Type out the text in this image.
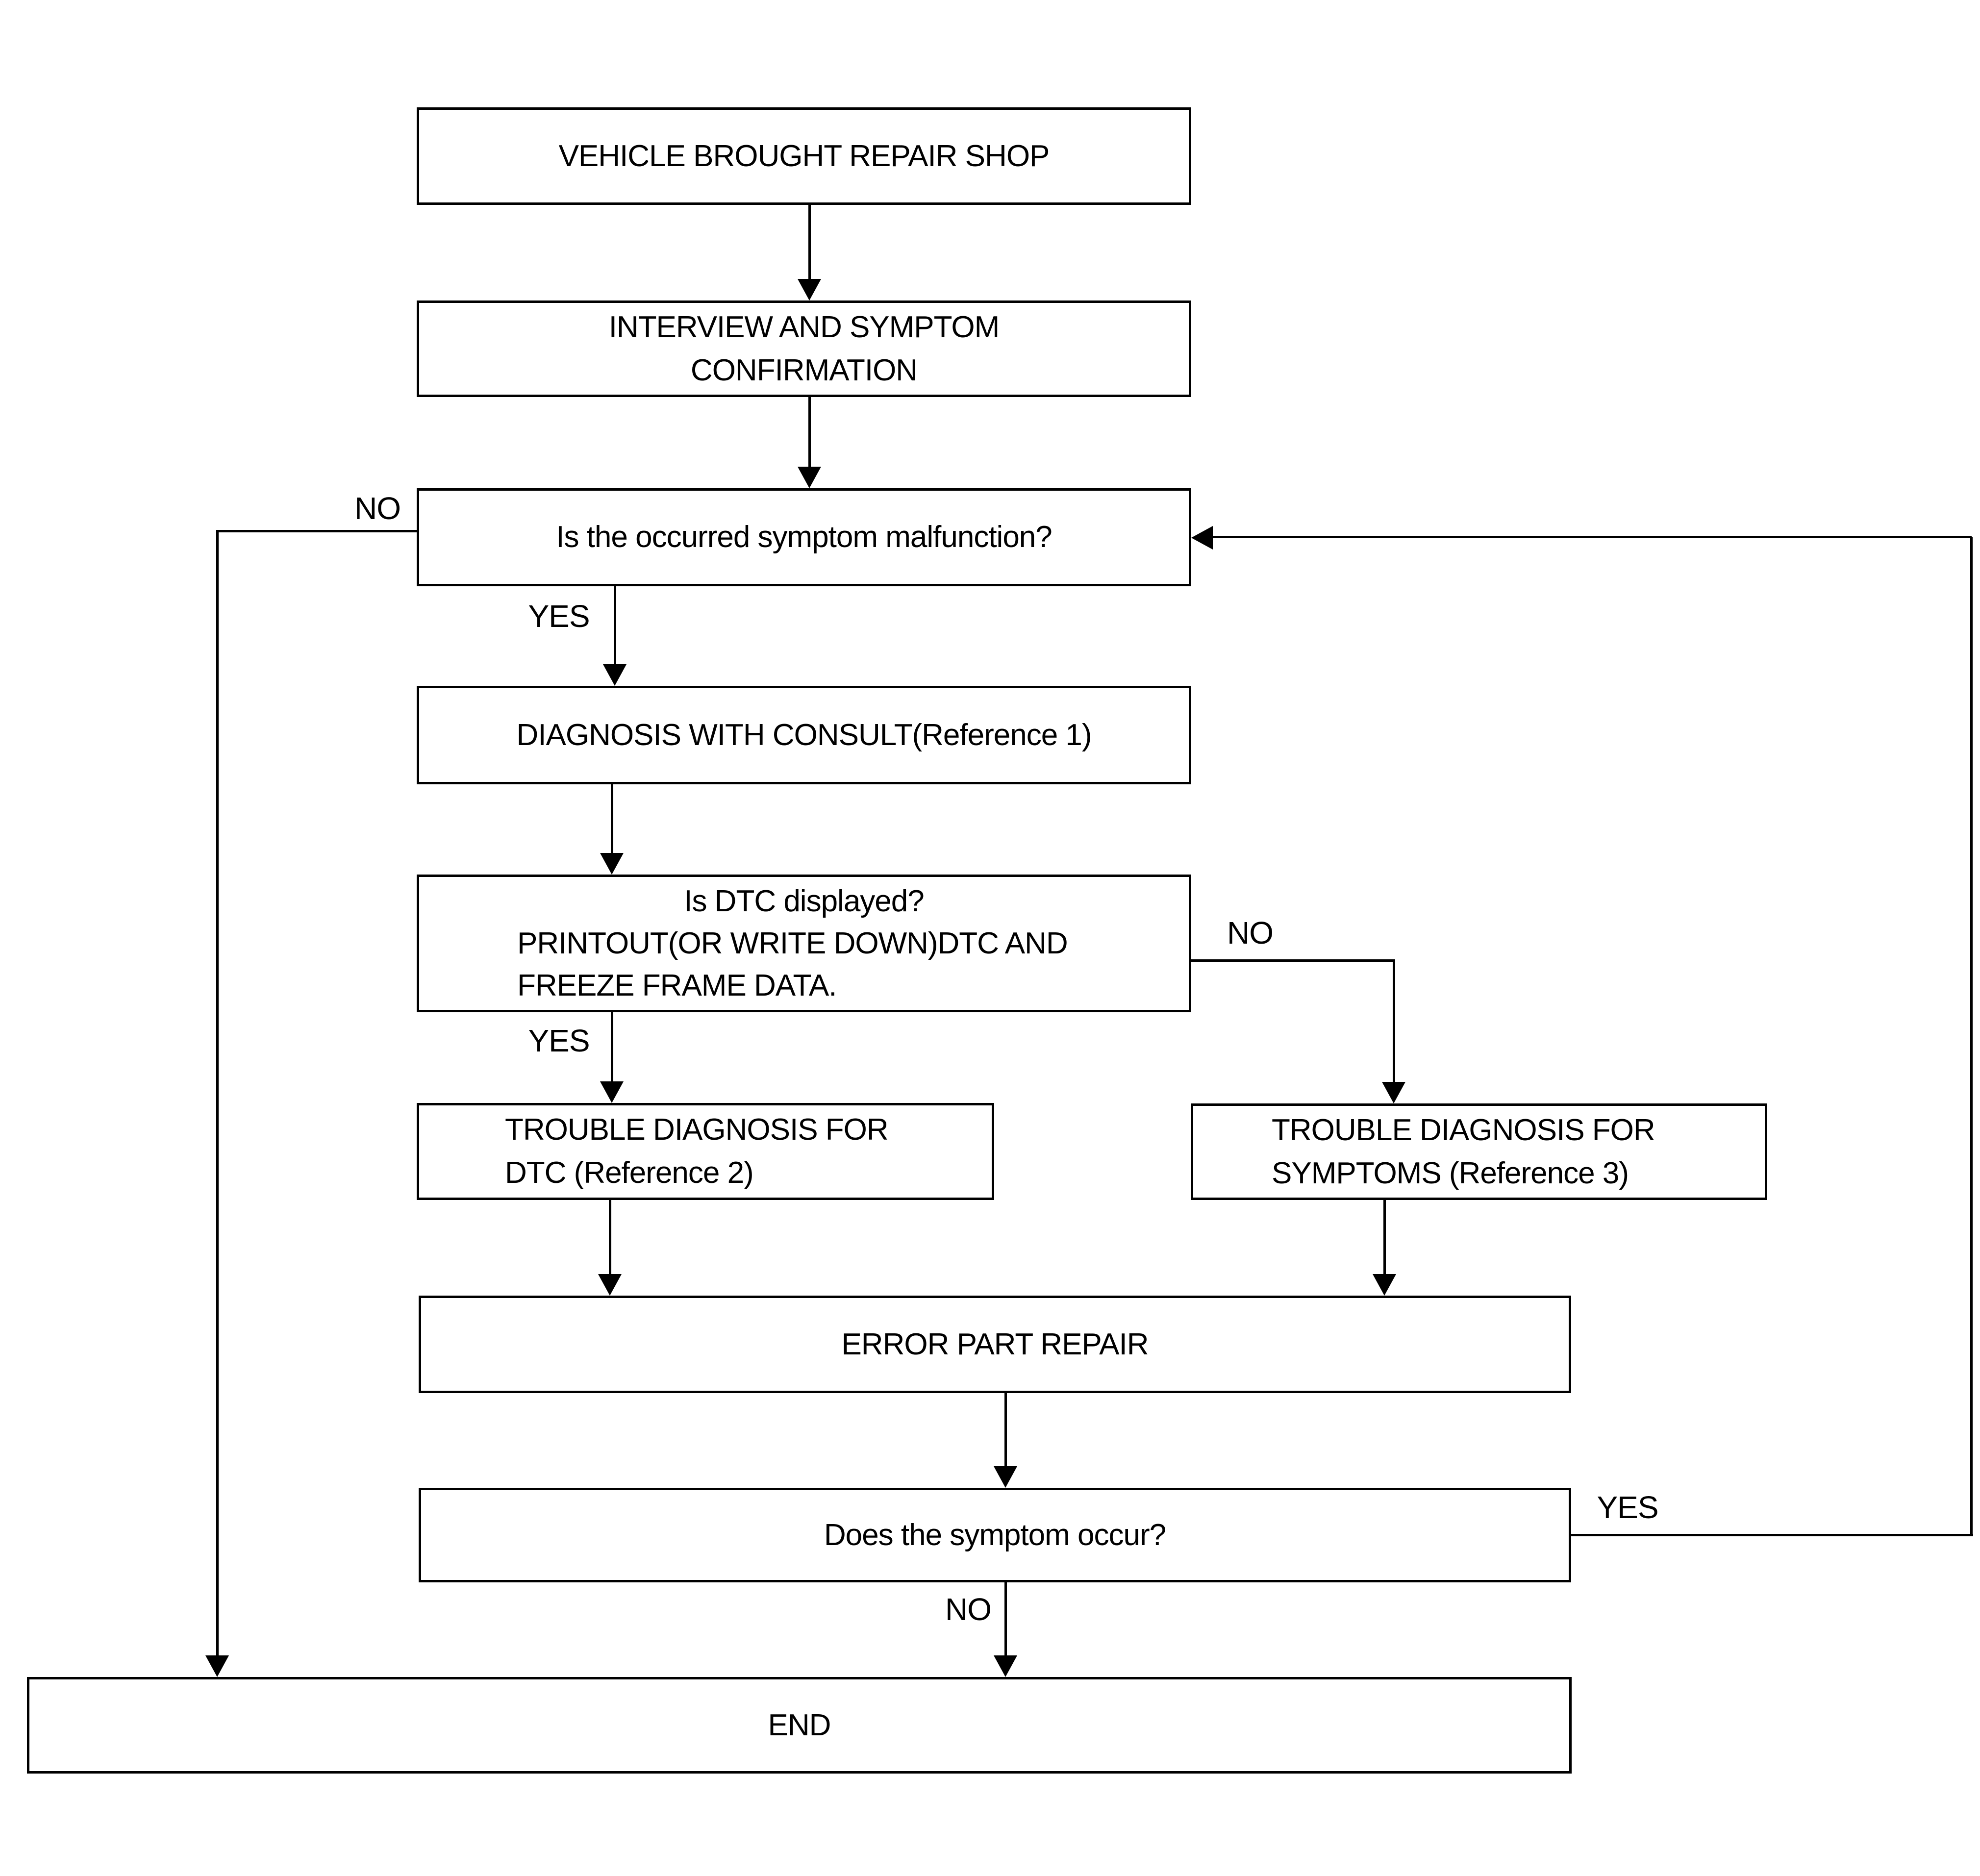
VEHICLE BROUGHT REPAIR SHOP
INTERVIEW AND SYMPTOM
CONFIRMATION
Is the occurred symptom malfunction?
DIAGNOSIS WITH CONSULT(Reference 1)
Is DTC displayed?
PRINTOUT(OR WRITE DOWN)DTC AND
FREEZE FRAME DATA.
TROUBLE DIAGNOSIS FOR
DTC (Reference 2)
TROUBLE DIAGNOSIS FOR
SYMPTOMS (Reference 3)
ERROR PART REPAIR
Does the symptom occur?
END
NO
YES
NO
YES
YES
NO
